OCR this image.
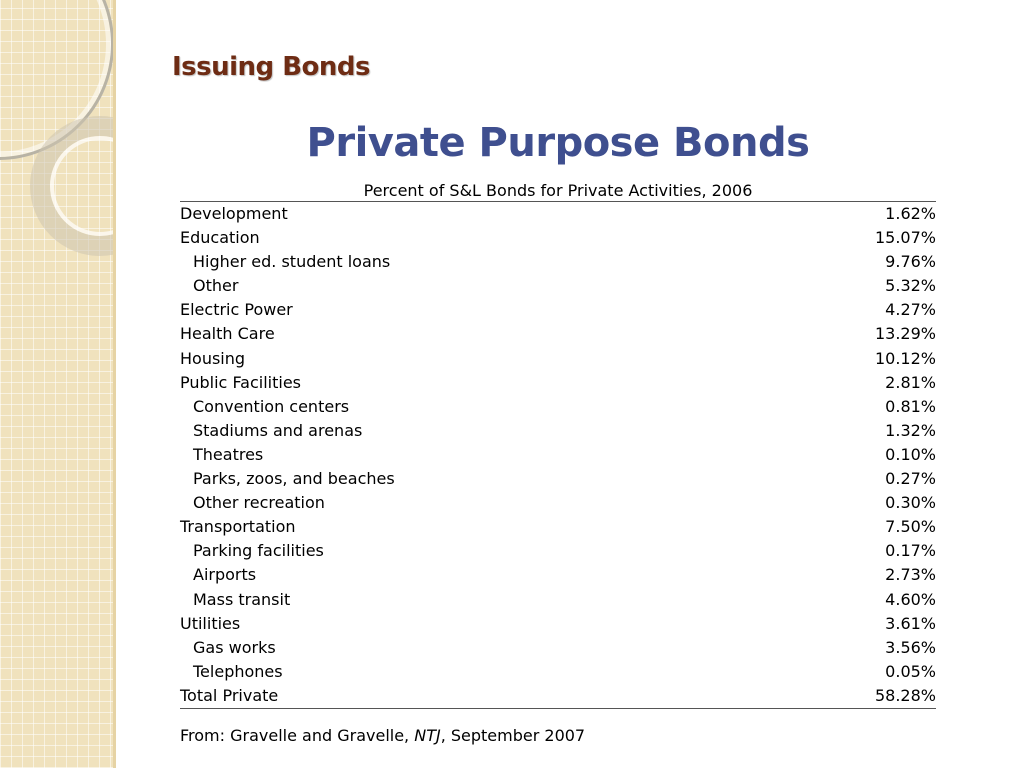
Issuing Bonds
Private Purpose Bonds
Percent of S&L Bonds for Private Activities, 2006
Development	1.62%
Education	15.07%
Higher ed. student loans	9.76%
Other	5.32%
Electric Power	4.27%
Health Care	13.29%
Housing	10.12%
Public Facilities	2.81%
Convention centers	0.81%
Stadiums and arenas	1.32%
Theatres	0.10%
Parks, zoos, and beaches	0.27%
Other recreation	0.30%
Transportation	7.50%
Parking facilities	0.17%
Airports	2.73%
Mass transit	4.60%
Utilities	3.61%
Gas works	3.56%
Telephones	0.05%
Total Private	58.28%
From: Gravelle and Gravelle, NTJ, September 2007
